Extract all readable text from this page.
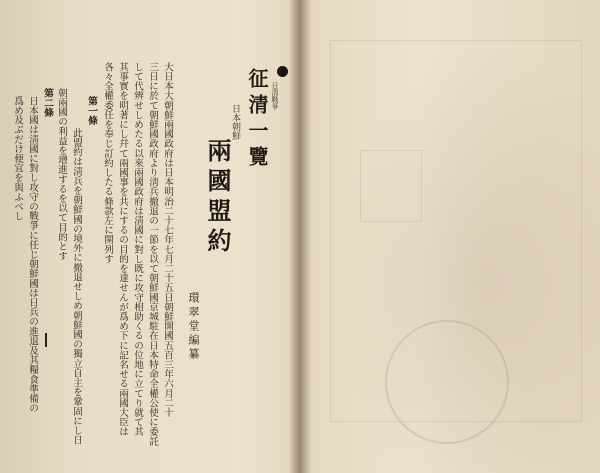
日清戰爭
征清一覽
日本朝鮮
兩國盟約
環翠堂編纂
大日本大朝鮮兩國政府は日本明治二十七年七月二十五日朝鮮開國五百三年六月二十
三日に於て朝鮮國政府より淸兵撤退の一節を以て朝鮮國京城駐在日本特命全權公使に委託
して代辨せしめたる以來兩國政府は淸國に對し既に攻守相助くるの位地に立てり就て其
其事實を明著にし幷て兩國事を共にするの目的を達せんが爲め下に記名せる兩國大臣は
各々全權委任を奉じ訂約したる條款左に開列す
第一條
此盟約は淸兵を朝鮮國の境外に撤退せしめ朝鮮國の獨立自主を鞏固にし日
朝兩國の利益を增進するを以て目的とす
第二條
日本國は淸國に對し攻守の戰爭に任じ朝鮮國は日兵の進退及其糧食準備の
爲め及ぶだけ便宜を與ふべし
